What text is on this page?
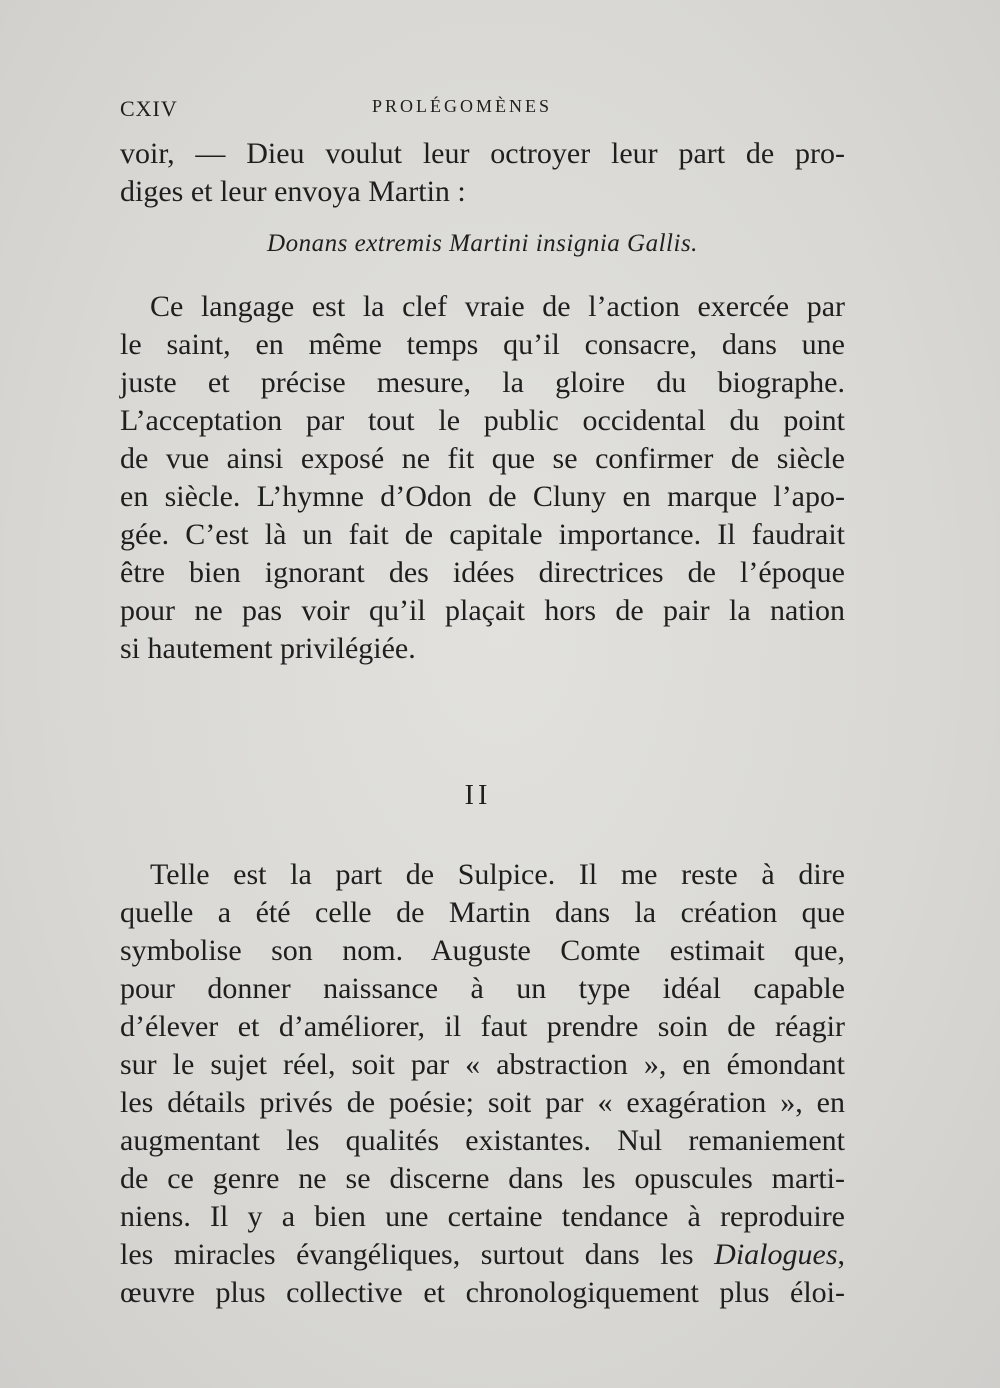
CXIV	PROLÉGOMÈNES
voir, — Dieu voulut leur octroyer leur part de pro-
diges et leur envoya Martin :
Donans extremis Martini insignia Gallis.
Ce langage est la clef vraie de l’action exercée par
le saint, en même temps qu’il consacre, dans une
juste et précise mesure, la gloire du biographe.
L’acceptation par tout le public occidental du point
de vue ainsi exposé ne fit que se confirmer de siècle
en siècle. L’hymne d’Odon de Cluny en marque l’apo-
gée. C’est là un fait de capitale importance. Il faudrait
être bien ignorant des idées directrices de l’époque
pour ne pas voir qu’il plaçait hors de pair la nation
si hautement privilégiée.
II
Telle est la part de Sulpice. Il me reste à dire
quelle a été celle de Martin dans la création que
symbolise son nom. Auguste Comte estimait que,
pour donner naissance à un type idéal capable
d’élever et d’améliorer, il faut prendre soin de réagir
sur le sujet réel, soit par « abstraction », en émondant
les détails privés de poésie; soit par « exagération », en
augmentant les qualités existantes. Nul remaniement
de ce genre ne se discerne dans les opuscules marti-
niens. Il y a bien une certaine tendance à reproduire
les miracles évangéliques, surtout dans les Dialogues,
œuvre plus collective et chronologiquement plus éloi-
